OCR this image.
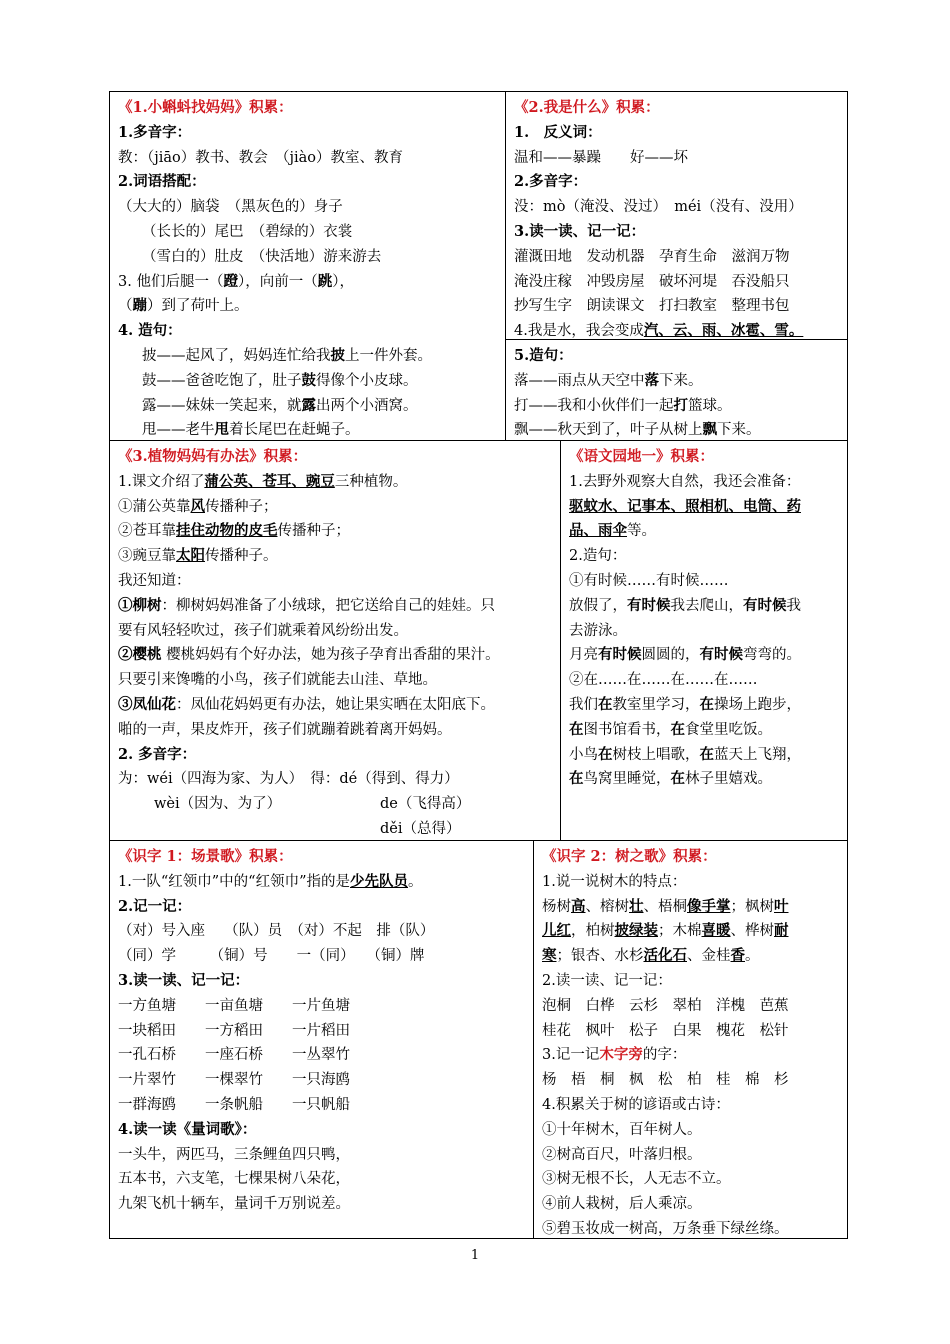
《1.小蝌蚪找妈妈》积累：
1.多音字：
教：（jiāo）教书、教会　（jiào）教室、教育
2.词语搭配：
（大大的）脑袋　（黑灰色的）身子
（长长的）尾巴　（碧绿的）衣裳
（雪白的）肚皮　（快活地）游来游去
3. 他们后腿一（蹬），向前一（跳），
（蹦）到了荷叶上。
4. 造句：
披——起风了，妈妈连忙给我披上一件外套。
鼓——爸爸吃饱了，肚子鼓得像个小皮球。
露——妹妹一笑起来，就露出两个小酒窝。
甩——老牛甩着长尾巴在赶蝇子。
《2.我是什么》积累：
1.　反义词：
温和——暴躁　　好——坏
2.多音字：
没：mò（淹没、没过）　méi（没有、没用）
3.读一读、记一记：
灌溉田地　发动机器　孕育生命　滋润万物
淹没庄稼　冲毁房屋　破坏河堤　吞没船只
抄写生字　朗读课文　打扫教室　整理书包
4.我是水，我会变成汽、云、雨、冰雹、雪。
5.造句：
落——雨点从天空中落下来。
打——我和小伙伴们一起打篮球。
飘——秋天到了，叶子从树上飘下来。
《3.植物妈妈有办法》积累：
1.课文介绍了蒲公英、苍耳、豌豆三种植物。
①蒲公英靠风传播种子；
②苍耳靠挂住动物的皮毛传播种子；
③豌豆靠太阳传播种子。
我还知道：
①柳树：柳树妈妈准备了小绒球，把它送给自己的娃娃。只
要有风轻轻吹过，孩子们就乘着风纷纷出发。
②樱桃 樱桃妈妈有个好办法，她为孩子孕育出香甜的果汁。
只要引来馋嘴的小鸟，孩子们就能去山洼、草地。
③凤仙花：凤仙花妈妈更有办法，她让果实晒在太阳底下。
啪的一声，果皮炸开，孩子们就蹦着跳着离开妈妈。
2. 多音字：
为：wéi（四海为家、为人）　得：dé（得到、得力）
wèi（因为、为了）	de（飞得高）

děi（总得）

《语文园地一》积累：
1.去野外观察大自然，我还会准备：
驱蚊水、记事本、照相机、电筒、药
品、雨伞等。
2.造句：
①有时候……有时候……
放假了，有时候我去爬山，有时候我
去游泳。
月亮有时候圆圆的，有时候弯弯的。
②在……在……在……在……
我们在教室里学习，在操场上跑步，
在图书馆看书，在食堂里吃饭。
小鸟在树枝上唱歌，在蓝天上飞翔，
在鸟窝里睡觉，在林子里嬉戏。
《识字 1：场景歌》积累：
1.一队“红领巾”中的“红领巾”指的是少先队员。
2.记一记：
（对）号入座　 （队）员　（对）不起　排（队）
（同）学　　 （铜）号　　一（同）　 （铜）牌
3.读一读、记一记：
一方鱼塘　　一亩鱼塘　　一片鱼塘
一块稻田　　一方稻田　　一片稻田
一孔石桥　　一座石桥　　一丛翠竹
一片翠竹　　一棵翠竹　　一只海鸥
一群海鸥　　一条帆船　　一只帆船
4.读一读《量词歌》：
一头牛，两匹马，三条鲤鱼四只鸭，
五本书，六支笔，七棵果树八朵花，
九架飞机十辆车，量词千万别说差。
《识字 2：树之歌》积累：
1.说一说树木的特点：
杨树高、榕树壮、梧桐像手掌；枫树叶
儿红，柏树披绿装；木棉喜暖、桦树耐
寒；银杏、水杉活化石、金桂香。
2.读一读、记一记：
泡桐　白桦　云杉　翠柏　洋槐　芭蕉
桂花　枫叶　松子　白果　槐花　松针
3.记一记木字旁的字：
杨　梧　桐　枫　松　柏　桂　棉　杉
4.积累关于树的谚语或古诗：
①十年树木，百年树人。
②树高百尺，叶落归根。
③树无根不长，人无志不立。
④前人栽树，后人乘凉。
⑤碧玉妆成一树高，万条垂下绿丝绦。
1
